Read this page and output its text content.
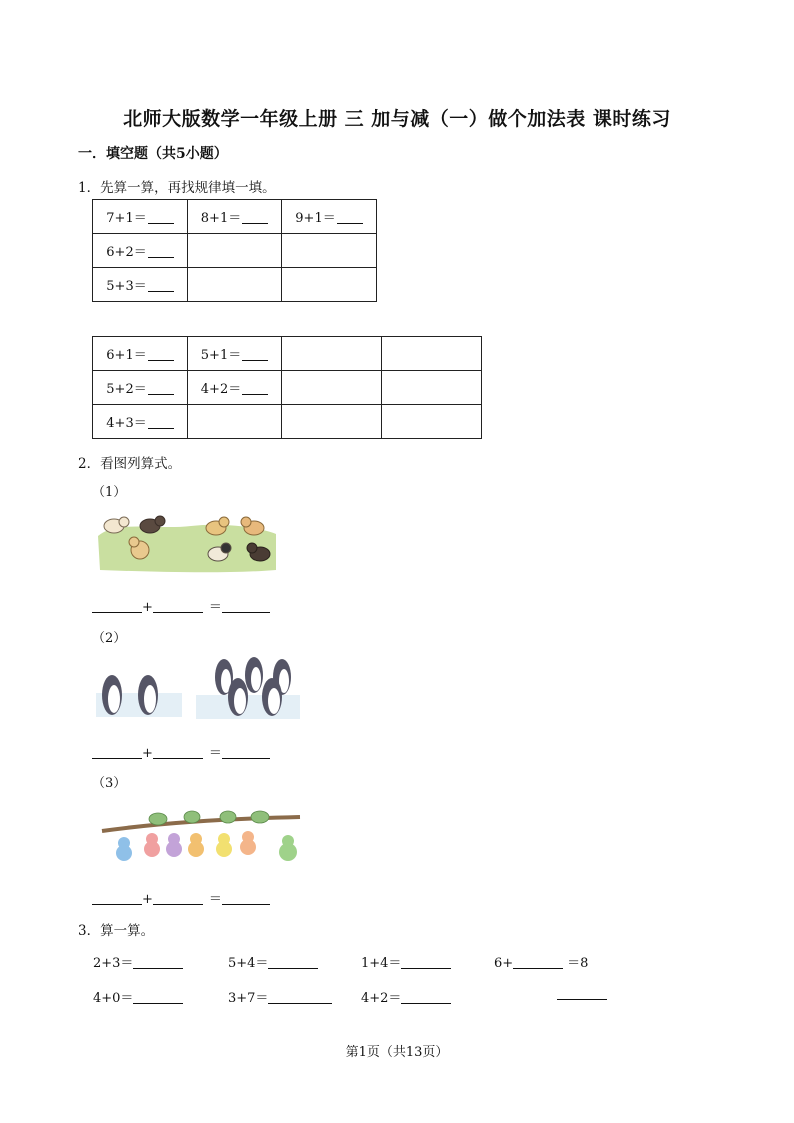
北师大版数学一年级上册 三 加与减（一）做个加法表 课时练习
一．填空题（共5小题）
1．先算一算，再找规律填一填。
7+1＝	8+1＝	9+1＝
6+2＝		
5+3＝		
6+1＝	5+1＝		
5+2＝	4+2＝		
4+3＝			
2．看图列算式。
（1）
+	＝
（2）
+	＝
（3）
+	＝
3．算一算。
2+3＝	5+4＝	1+4＝	6+	＝8
4+0＝	3+7＝	4+2＝
第1页（共13页）
